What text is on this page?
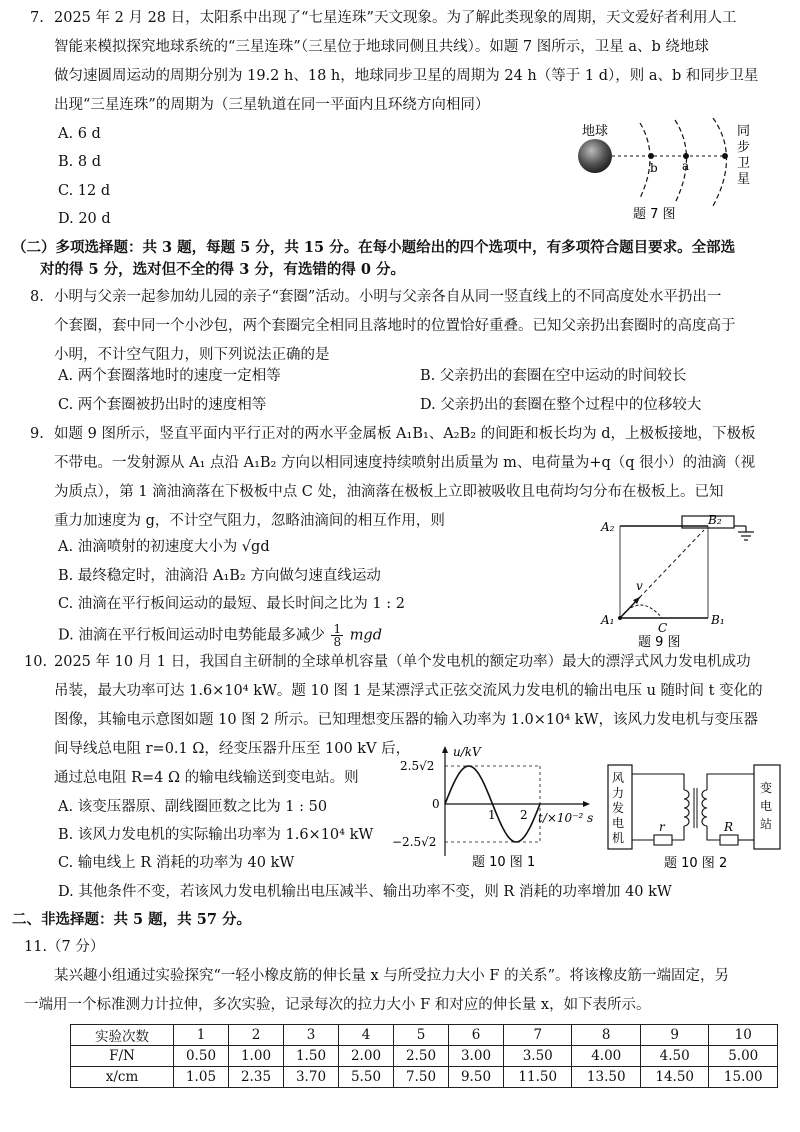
7. 2025 年 2 月 28 日，太阳系中出现了“七星连珠”天文现象。为了解此类现象的周期，天文爱好者利用人工
智能来模拟探究地球系统的“三星连珠”（三星位于地球同侧且共线）。如题 7 图所示，卫星 a、b 绕地球
做匀速圆周运动的周期分别为 19.2 h、18 h，地球同步卫星的周期为 24 h（等于 1 d），则 a、b 和同步卫星
出现“三星连珠”的周期为（三星轨道在同一平面内且环绕方向相同）
A. 6 d
B. 8 d
C. 12 d
D. 20 d
地球
b a
同
步
卫
星
题 7 图
（二）多项选择题：共 3 题，每题 5 分，共 15 分。在每小题给出的四个选项中，有多项符合题目要求。全部选
对的得 5 分，选对但不全的得 3 分，有选错的得 0 分。
8. 小明与父亲一起参加幼儿园的亲子“套圈”活动。小明与父亲各自从同一竖直线上的不同高度处水平扔出一
个套圈，套中同一个小沙包，两个套圈完全相同且落地时的位置恰好重叠。已知父亲扔出套圈时的高度高于
小明，不计空气阻力，则下列说法正确的是
A. 两个套圈落地时的速度一定相等	B. 父亲扔出的套圈在空中运动的时间较长
C. 两个套圈被扔出时的速度相等	D. 父亲扔出的套圈在整个过程中的位移较大
9. 如题 9 图所示，竖直平面内平行正对的两水平金属板 A₁B₁、A₂B₂ 的间距和板长均为 d，上极板接地，下极板
不带电。一发射源从 A₁ 点沿 A₁B₂ 方向以相同速度持续喷射出质量为 m、电荷量为+q（q 很小）的油滴（视
为质点），第 1 滴油滴落在下极板中点 C 处，油滴落在极板上立即被吸收且电荷均匀分布在极板上。已知
重力加速度为 g，不计空气阻力，忽略油滴间的相互作用，则
A. 油滴喷射的初速度大小为 √gd
B. 最终稳定时，油滴沿 A₁B₂ 方向做匀速直线运动
C. 油滴在平行板间运动的最短、最长时间之比为 1 : 2
D. 油滴在平行板间运动时电势能最多减少 $\frac{1}{8}$ mgd
A₂	B₂
A₁	B₁
C
v
题 9 图
10. 2025 年 10 月 1 日，我国自主研制的全球单机容量（单个发电机的额定功率）最大的漂浮式风力发电机成功
吊装，最大功率可达 1.6×10⁴ kW。题 10 图 1 是某漂浮式正弦交流风力发电机的输出电压 u 随时间 t 变化的
图像，其输电示意图如题 10 图 2 所示。已知理想变压器的输入功率为 1.0×10⁴ kW，该风力发电机与变压器
间导线总电阻 r=0.1 Ω，经变压器升压至 100 kV 后，
通过总电阻 R=4 Ω 的输电线输送到变电站。则
A. 该变压器原、副线圈匝数之比为 1 : 50
B. 该风力发电机的实际输出功率为 1.6×10⁴ kW
C. 输电线上 R 消耗的功率为 40 kW
D. 其他条件不变，若该风力发电机输出电压减半、输出功率不变，则 R 消耗的功率增加 40 kW
u/kV
2.5√2
0
−2.5√2
1 2 t/×10⁻² s
题 10 图 1
风
力
发
电
机
变
电
站
r	R
题 10 图 2
二、非选择题：共 5 题，共 57 分。
11.（7 分）
某兴趣小组通过实验探究“一轻小橡皮筋的伸长量 x 与所受拉力大小 F 的关系”。将该橡皮筋一端固定，另
一端用一个标准测力计拉伸，多次实验，记录每次的拉力大小 F 和对应的伸长量 x，如下表所示。
实验次数	1	2	3	4	5	6	7	8	9	10
F/N	0.50	1.00	1.50	2.00	2.50	3.00	3.50	4.00	4.50	5.00
x/cm	1.05	2.35	3.70	5.50	7.50	9.50	11.50	13.50	14.50	15.00
